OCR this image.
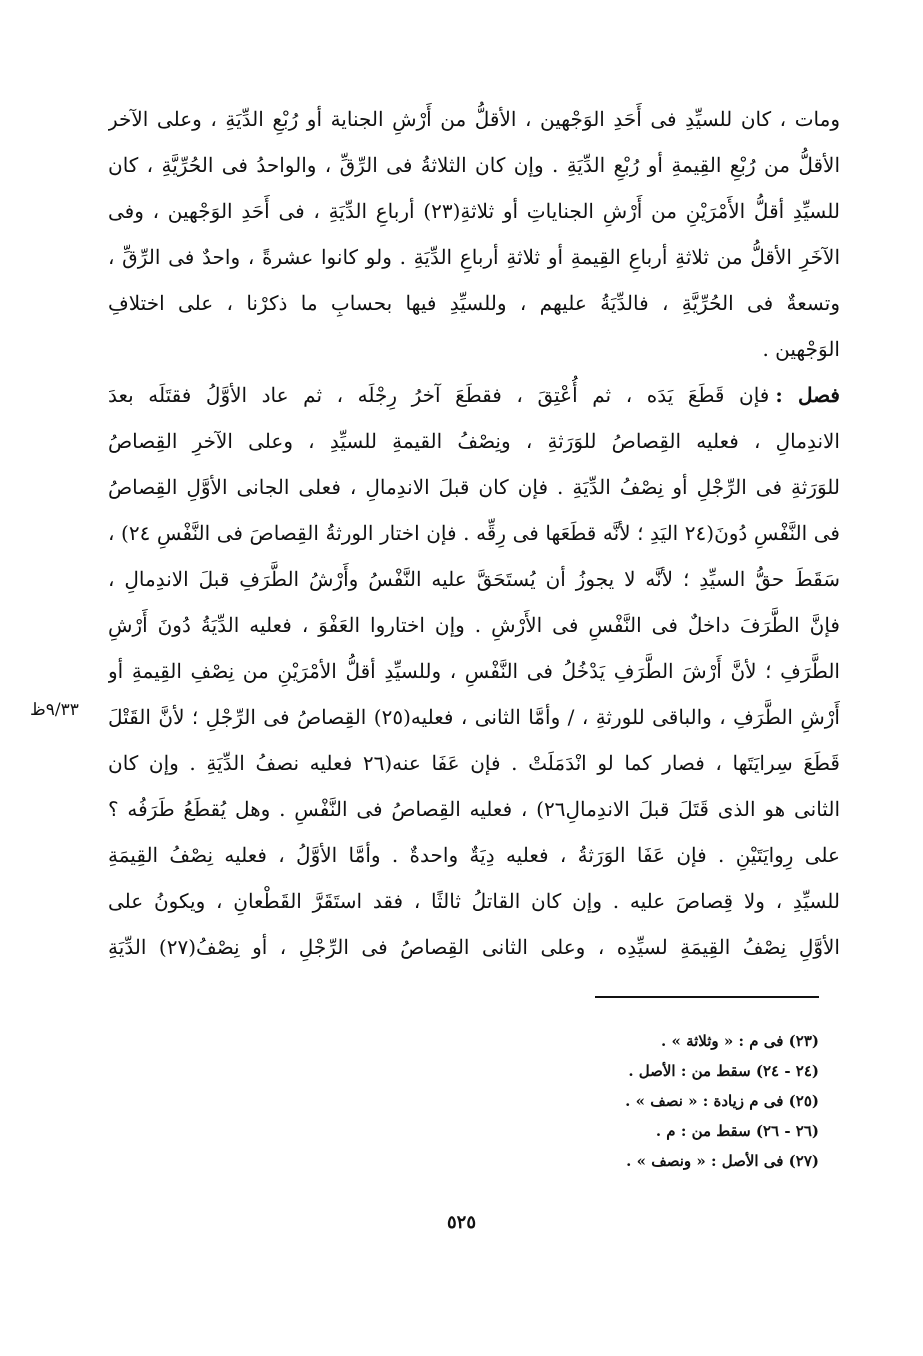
ومات ، كان للسيِّدِ فى أَحَدِ الوَجْهين ، الأقلُّ من أَرْشِ الجناية أو رُبْعِ الدِّيَةِ ، وعلى الآخر
الأقلُّ من رُبْعِ القِيمةِ أو رُبْعِ الدِّيَةِ . وإن كان الثلاثةُ فى الرِّقِّ ، والواحدُ فى الحُرِّيَّةِ ، كان
للسيِّدِ أقلُّ الأَمْرَيْنِ من أَرْشِ الجناياتِ أو ثلاثةِ(٢٣) أرباعِ الدِّيَةِ ، فى أَحَدِ الوَجْهين ، وفى
الآخَرِ الأقلُّ من ثلاثةِ أرباعِ القِيمةِ أو ثلاثةِ أرباعِ الدِّيَةِ . ولو كانوا عشرةً ، واحدٌ فى الرِّقِّ ،
وتسعةٌ فى الحُرِّيَّةِ ، فالدِّيَةُ عليهم ، وللسيِّدِ فيها بحسابِ ما ذكرْنا ، على اختلافِ
الوَجْهين .
فصل :فإن قَطَعَ يَدَه ، ثم أُعْتِقَ ، فقطَعَ آخرُ رِجْلَه ، ثم عاد الأوَّلُ فقتَلَه بعدَ
الاندِمالِ ، فعليه القِصاصُ للوَرَثةِ ، ونِصْفُ القيمةِ للسيِّدِ ، وعلى الآخرِ القِصاصُ
للوَرَثةِ فى الرِّجْلِ أو نِصْفُ الدِّيَةِ . فإن كان قبلَ الاندِمالِ ، فعلى الجانى الأوَّلِ القِصاصُ
فى النَّفْسِ دُونَ(٢٤ اليَدِ ؛ لأنَّه قطَعَها فى رِقِّه . فإن اختار الورثةُ القِصاصَ فى النَّفْسِ ٢٤) ،
سَقَطَ حقُّ السيِّدِ ؛ لأنَّه لا يجوزُ أن يُستَحَقَّ عليه النَّفْسُ وأَرْشُ الطَّرَفِ قبلَ الاندِمالِ ،
فإنَّ الطَّرَفَ داخلٌ فى النَّفْسِ فى الأَرْشِ . وإن اختاروا العَفْوَ ، فعليه الدِّيَةُ دُونَ أَرْشِ
الطَّرَفِ ؛ لأنَّ أَرْشَ الطَّرَفِ يَدْخُلُ فى النَّفْسِ ، وللسيِّدِ أقلُّ الأمْرَيْنِ من نِصْفِ القِيمةِ أو
أَرْشِ الطَّرَفِ ، والباقى للورثةِ ، / وأمَّا الثانى ، فعليه(٢٥) القِصاصُ فى الرِّجْلِ ؛ لأنَّ القَتْلَ
قَطَعَ سِرايَتَها ، فصار كما لو انْدَمَلَتْ . فإن عَفَا عنه(٢٦ فعليه نصفُ الدِّيَةِ . وإن كان
الثانى هو الذى قَتَلَ قبلَ الاندِمالِ٢٦) ، فعليه القِصاصُ فى النَّفْسِ . وهل يُقطَعُ طَرَفُه ؟
على رِوايَتَيْنِ . فإن عَفَا الوَرَثةُ ، فعليه دِيَةٌ واحدةٌ . وأمَّا الأوَّلُ ، فعليه نِصْفُ القِيمَةِ
للسيِّدِ ، ولا قِصاصَ عليه . وإن كان القاتلُ ثالثًا ، فقد استَقَرَّ القَطْعانِ ، ويكونُ على
الأوَّلِ نِصْفُ القِيمَةِ لسيِّدِه ، وعلى الثانى القِصاصُ فى الرِّجْلِ ، أو نِصْفُ(٢٧) الدِّيَةِ
٩/٣٣ظ
(٢٣) فى م : « وثلاثة » .
(٢٤ - ٢٤) سقط من : الأصل .
(٢٥) فى م زيادة : « نصف » .
(٢٦ - ٢٦) سقط من : م .
(٢٧) فى الأصل : « ونصف » .
٥٢٥
